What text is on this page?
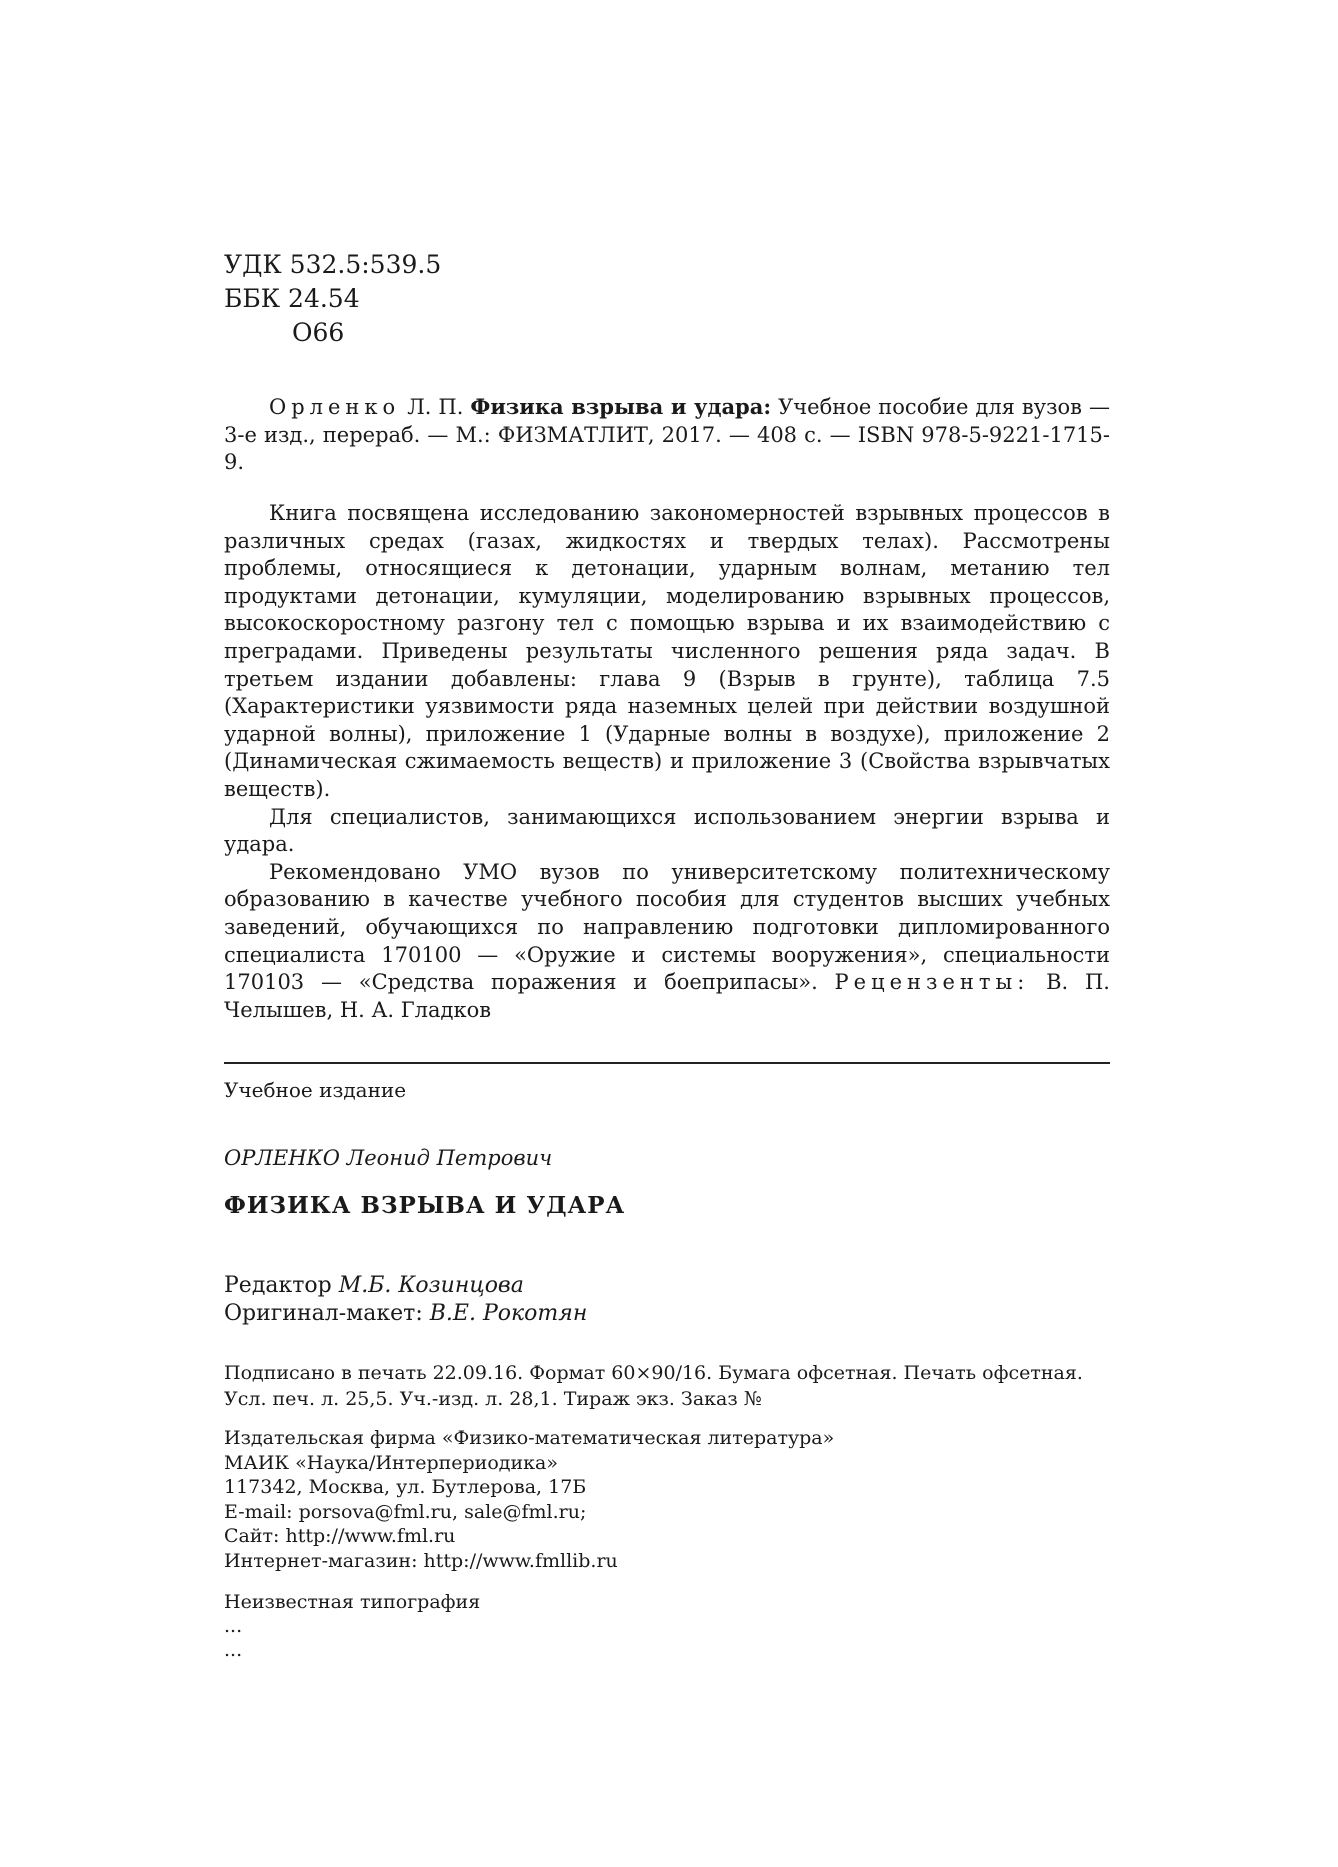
УДК 532.5:539.5
ББК 24.54
О66
Орленко Л. П. Физика взрыва и удара: Учебное пособие для вузов — 3-е изд., перераб. — М.: ФИЗМАТЛИТ, 2017. — 408 с. — ISBN 978-5-9221-1715-9.

Книга посвящена исследованию закономерностей взрывных процессов в различных средах (газах, жидкостях и твердых телах). Рассмотрены проблемы, относящиеся к детонации, ударным волнам, метанию тел продуктами детонации, кумуляции, моделированию взрывных процессов, высокоскоростному разгону тел с помощью взрыва и их взаимодействию с преградами. Приведены результаты численного решения ряда задач. В третьем издании добавлены: глава 9 (Взрыв в грунте), таблица 7.5 (Характеристики уязвимости ряда наземных целей при действии воздушной ударной волны), приложение 1 (Ударные волны в воздухе), приложение 2 (Динамическая сжимаемость веществ) и приложение 3 (Свойства взрывчатых веществ).

Для специалистов, занимающихся использованием энергии взрыва и удара.

Рекомендовано УМО вузов по университетскому политехническому образованию в качестве учебного пособия для студентов высших учебных заведений, обучающихся по направлению подготовки дипломированного специалиста 170100 — «Оружие и системы вооружения», специальности 170103 — «Средства поражения и боеприпасы». Рецензенты: В. П. Челышев, Н. А. Гладков

Учебное издание
ОРЛЕНКО Леонид Петрович
ФИЗИКА ВЗРЫВА И УДАРА
Редактор М.Б. Козинцова
Оригинал-макет: В.Е. Рокотян
Подписано в печать 22.09.16. Формат 60×90/16. Бумага офсетная. Печать офсетная.
Усл. печ. л. 25,5. Уч.-изд. л. 28,1. Тираж экз. Заказ №
Издательская фирма «Физико-математическая литература»
МАИК «Наука/Интерпериодика»
117342, Москва, ул. Бутлерова, 17Б
E-mail: porsova@fml.ru, sale@fml.ru;
Сайт: http://www.fml.ru
Интернет-магазин: http://www.fmllib.ru
Неизвестная типография
...
...
